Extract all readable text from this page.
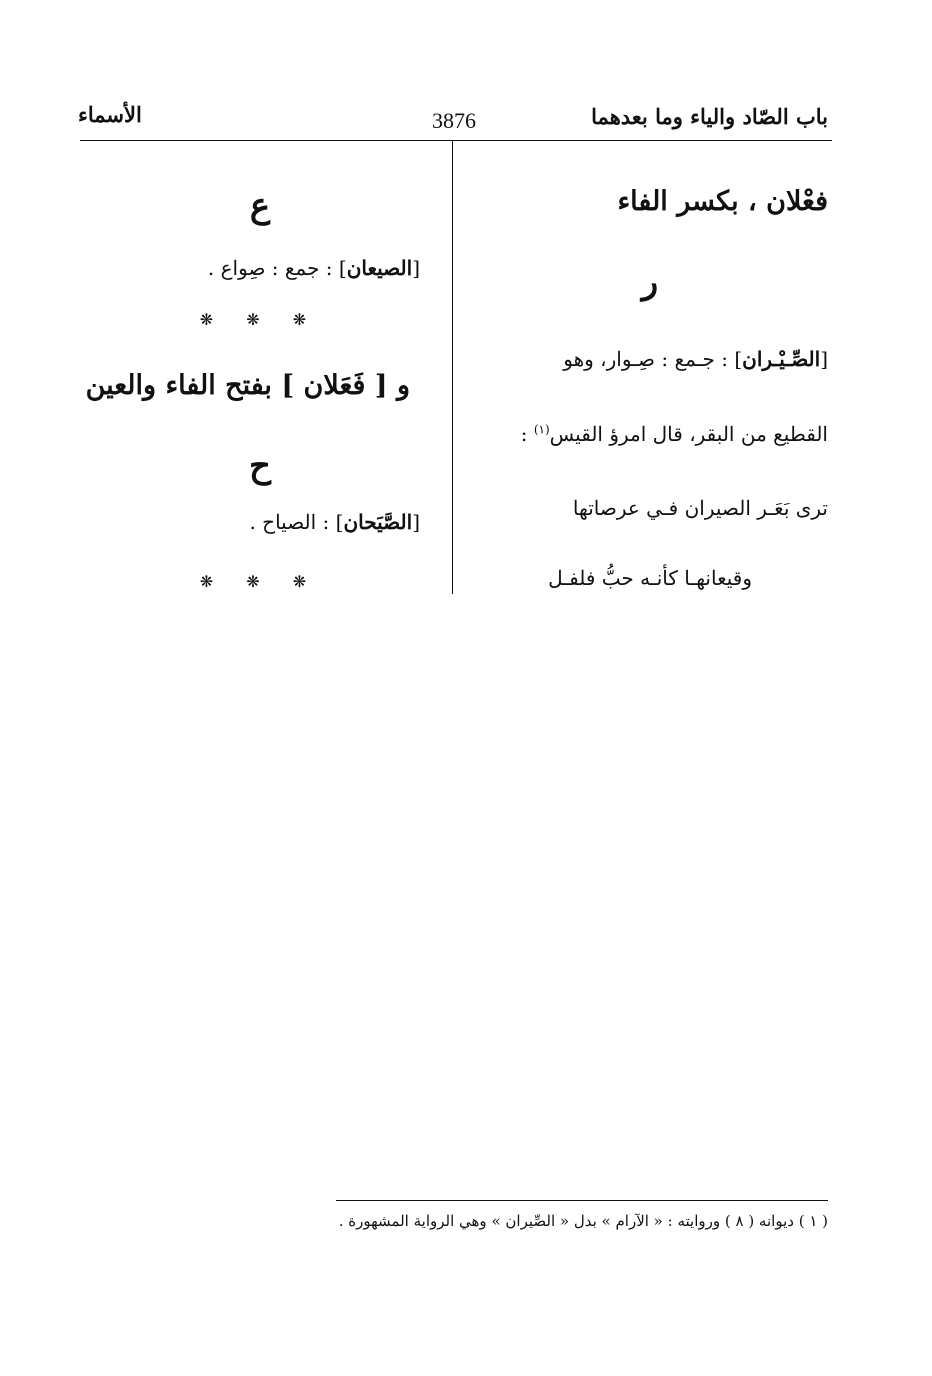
باب الصّاد والياء وما بعدهما
3876
الأسماء
فعْلان ، بكسر الفاء
ر
[الصِّـيْـران] : جـمع : صِـوار، وهو
القطيع من البقر، قال امرؤ القيس$^{(١)}$ :
ترى بَعَـر الصيران فـي عرصاتها
وقيعانهـا كأنـه حبُّ فلفـل
ع
[الصيعان] : جمع : صِواع .
❋ ❋ ❋
و [ فَعَلان ] بفتح الفاء والعين
ح
[الصَّيَحان] : الصياح .
❋ ❋ ❋
( ١ ) ديوانه ( ٨ ) وروايته : « الآرام » بدل « الصِّيران » وهي الرواية المشهورة .
